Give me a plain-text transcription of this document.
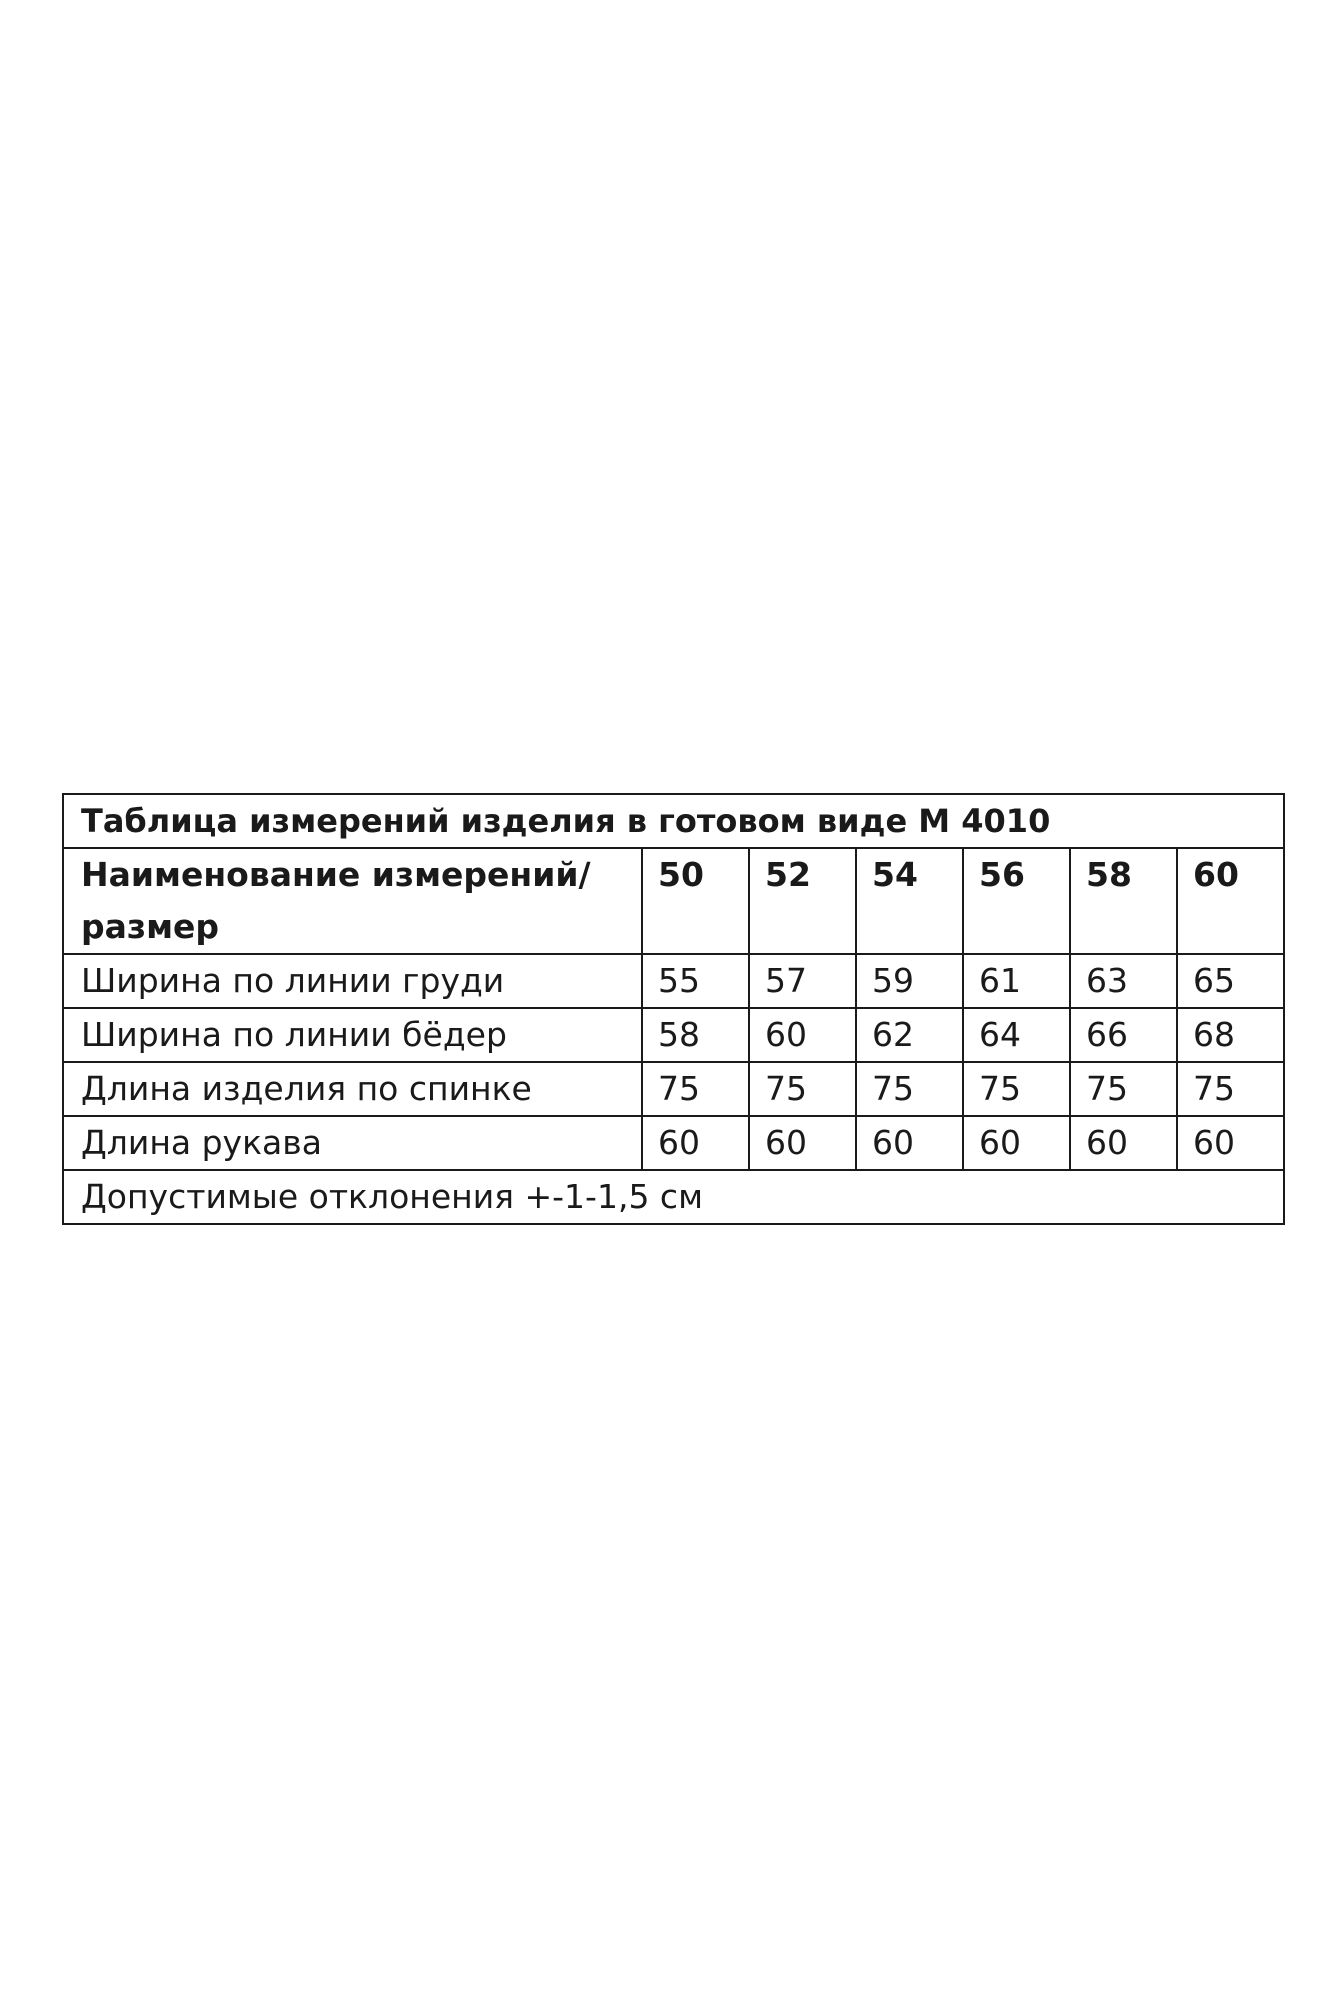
Таблица измерений изделия в готовом виде М 4010						
Наименование измерений/размер	50	52	54	56	58	60
Ширина по линии груди	55	57	59	61	63	65
Ширина по линии бёдер	58	60	62	64	66	68
Длина изделия по спинке	75	75	75	75	75	75
Длина рукава	60	60	60	60	60	60
Допустимые отклонения +-1-1,5 см						
